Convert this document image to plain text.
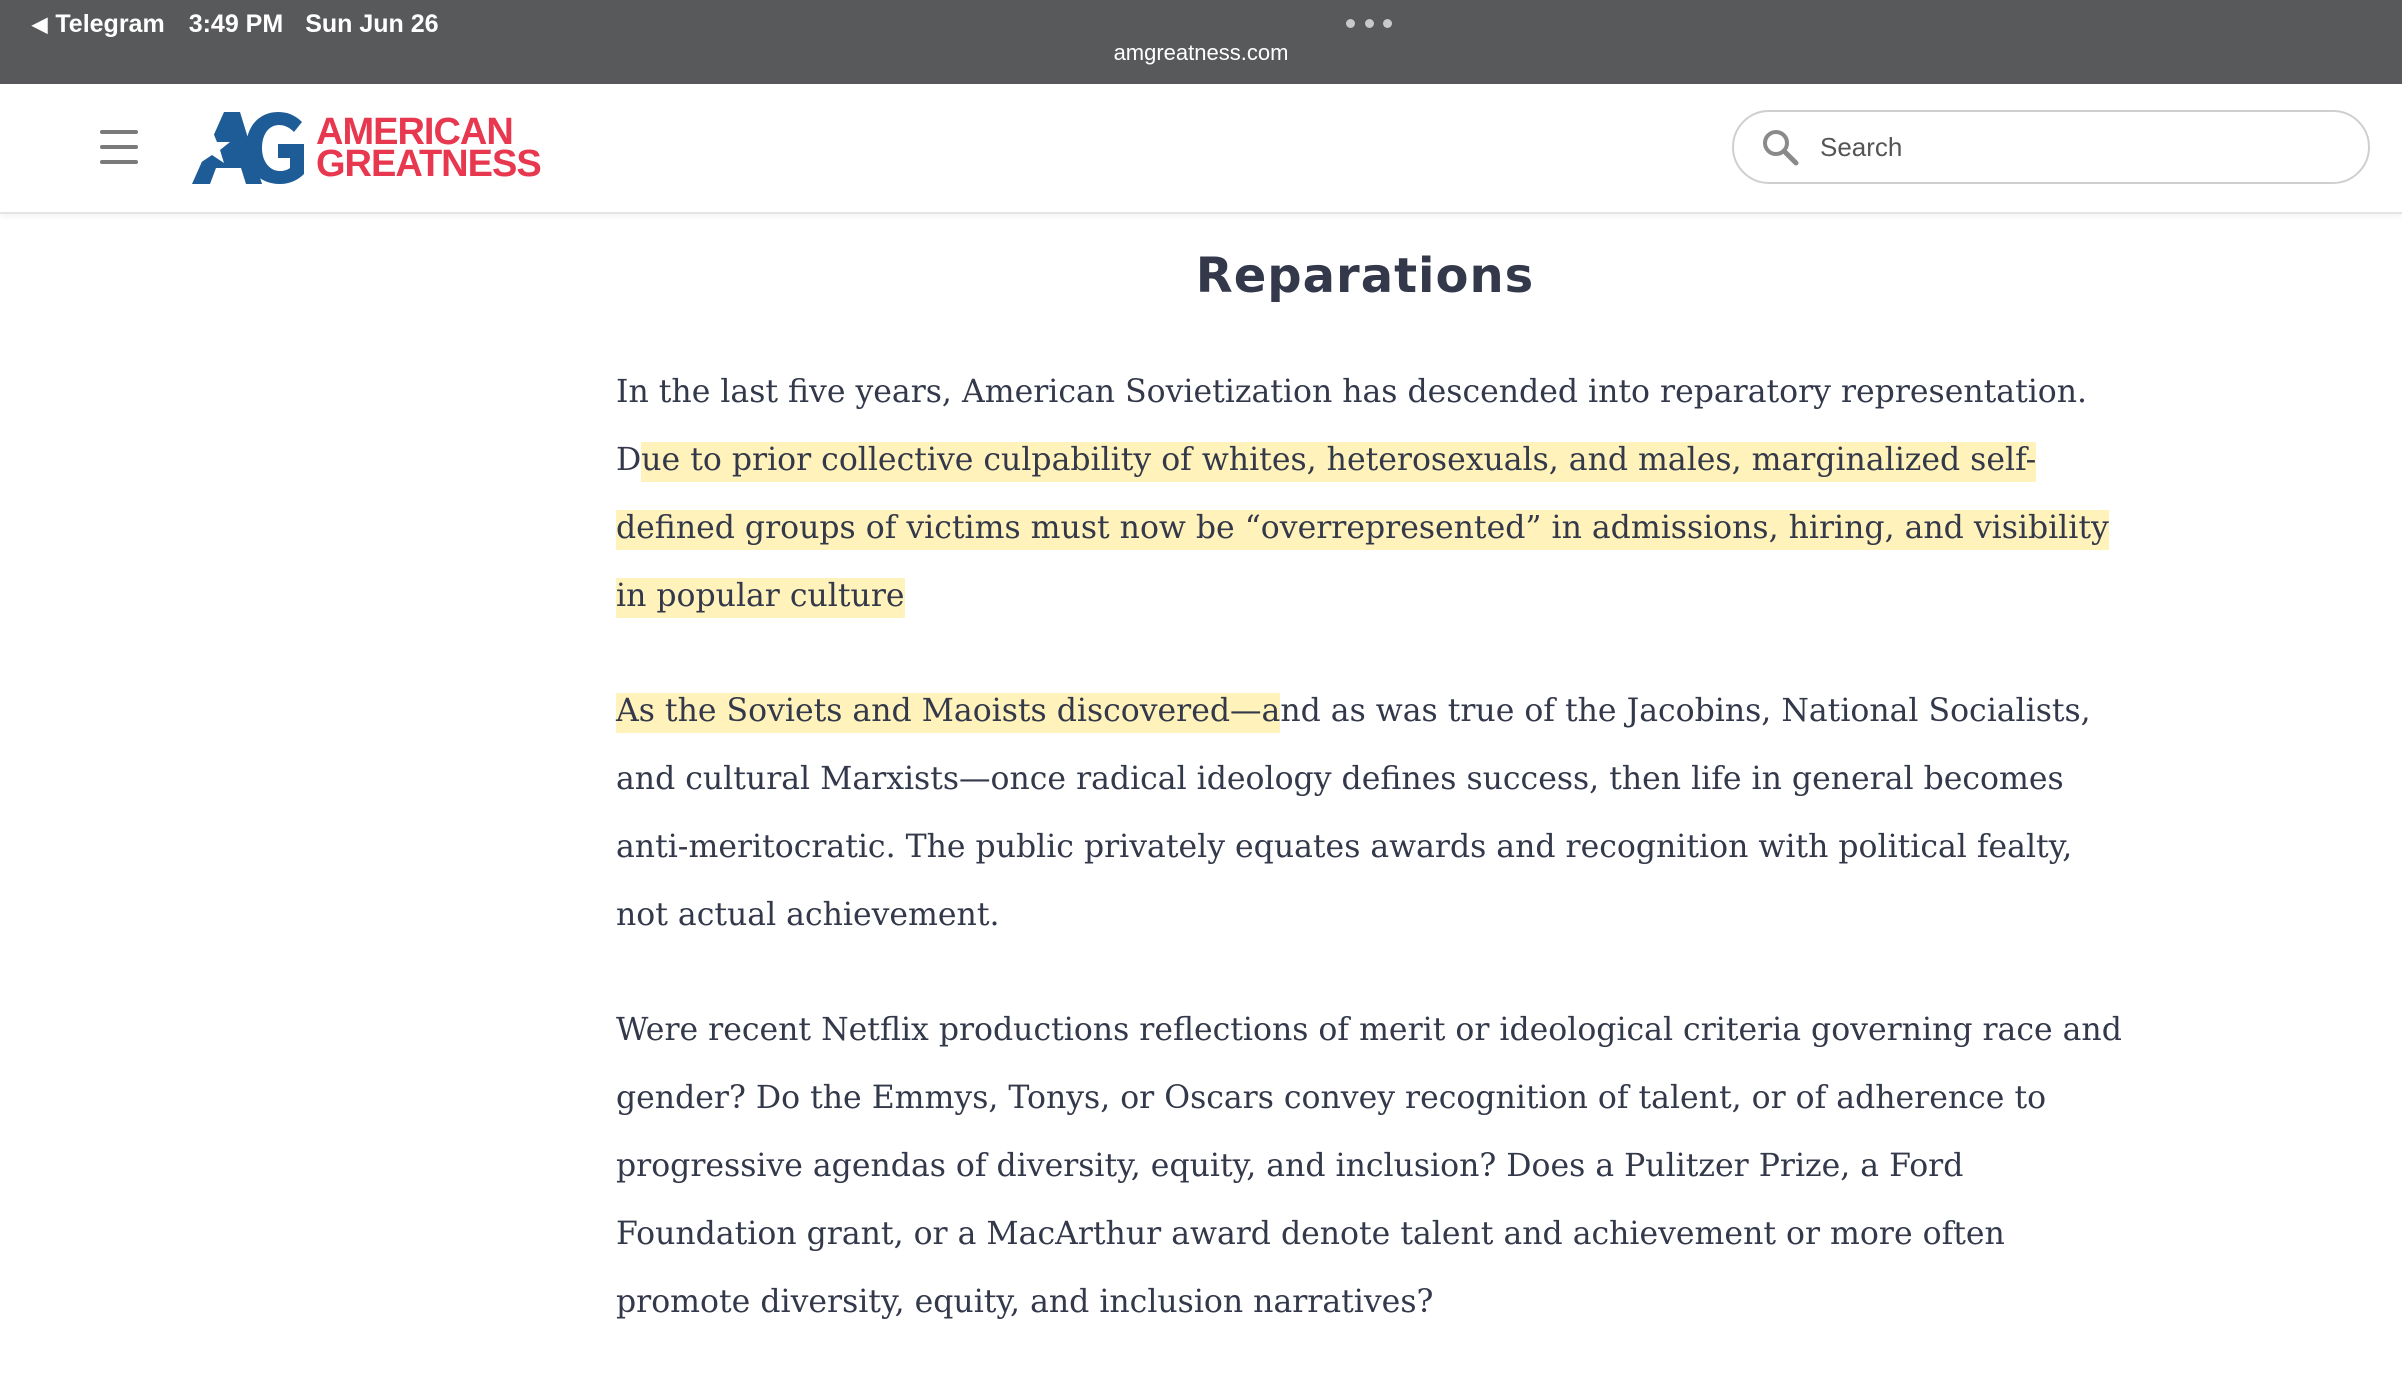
◀ Telegram 3:49 PM Sun Jun 26
amgreatness.com
AMERICAN
GREATNESS
Search
Reparations

In the last five years, American Sovietization has descended into reparatory representation. Due to prior collective culpability of whites, heterosexuals, and males, marginalized self-defined groups of victims must now be “overrepresented” in admissions, hiring, and visibility in popular culture

As the Soviets and Maoists discovered—and as was true of the Jacobins, National Socialists, and cultural Marxists—once radical ideology defines success, then life in general becomes anti-meritocratic. The public privately equates awards and recognition with political fealty, not actual achievement.

Were recent Netflix productions reflections of merit or ideological criteria governing race and gender? Do the Emmys, Tonys, or Oscars convey recognition of talent, or of adherence to progressive agendas of diversity, equity, and inclusion? Does a Pulitzer Prize, a Ford Foundation grant, or a MacArthur award denote talent and achievement or more often promote diversity, equity, and inclusion narratives?
